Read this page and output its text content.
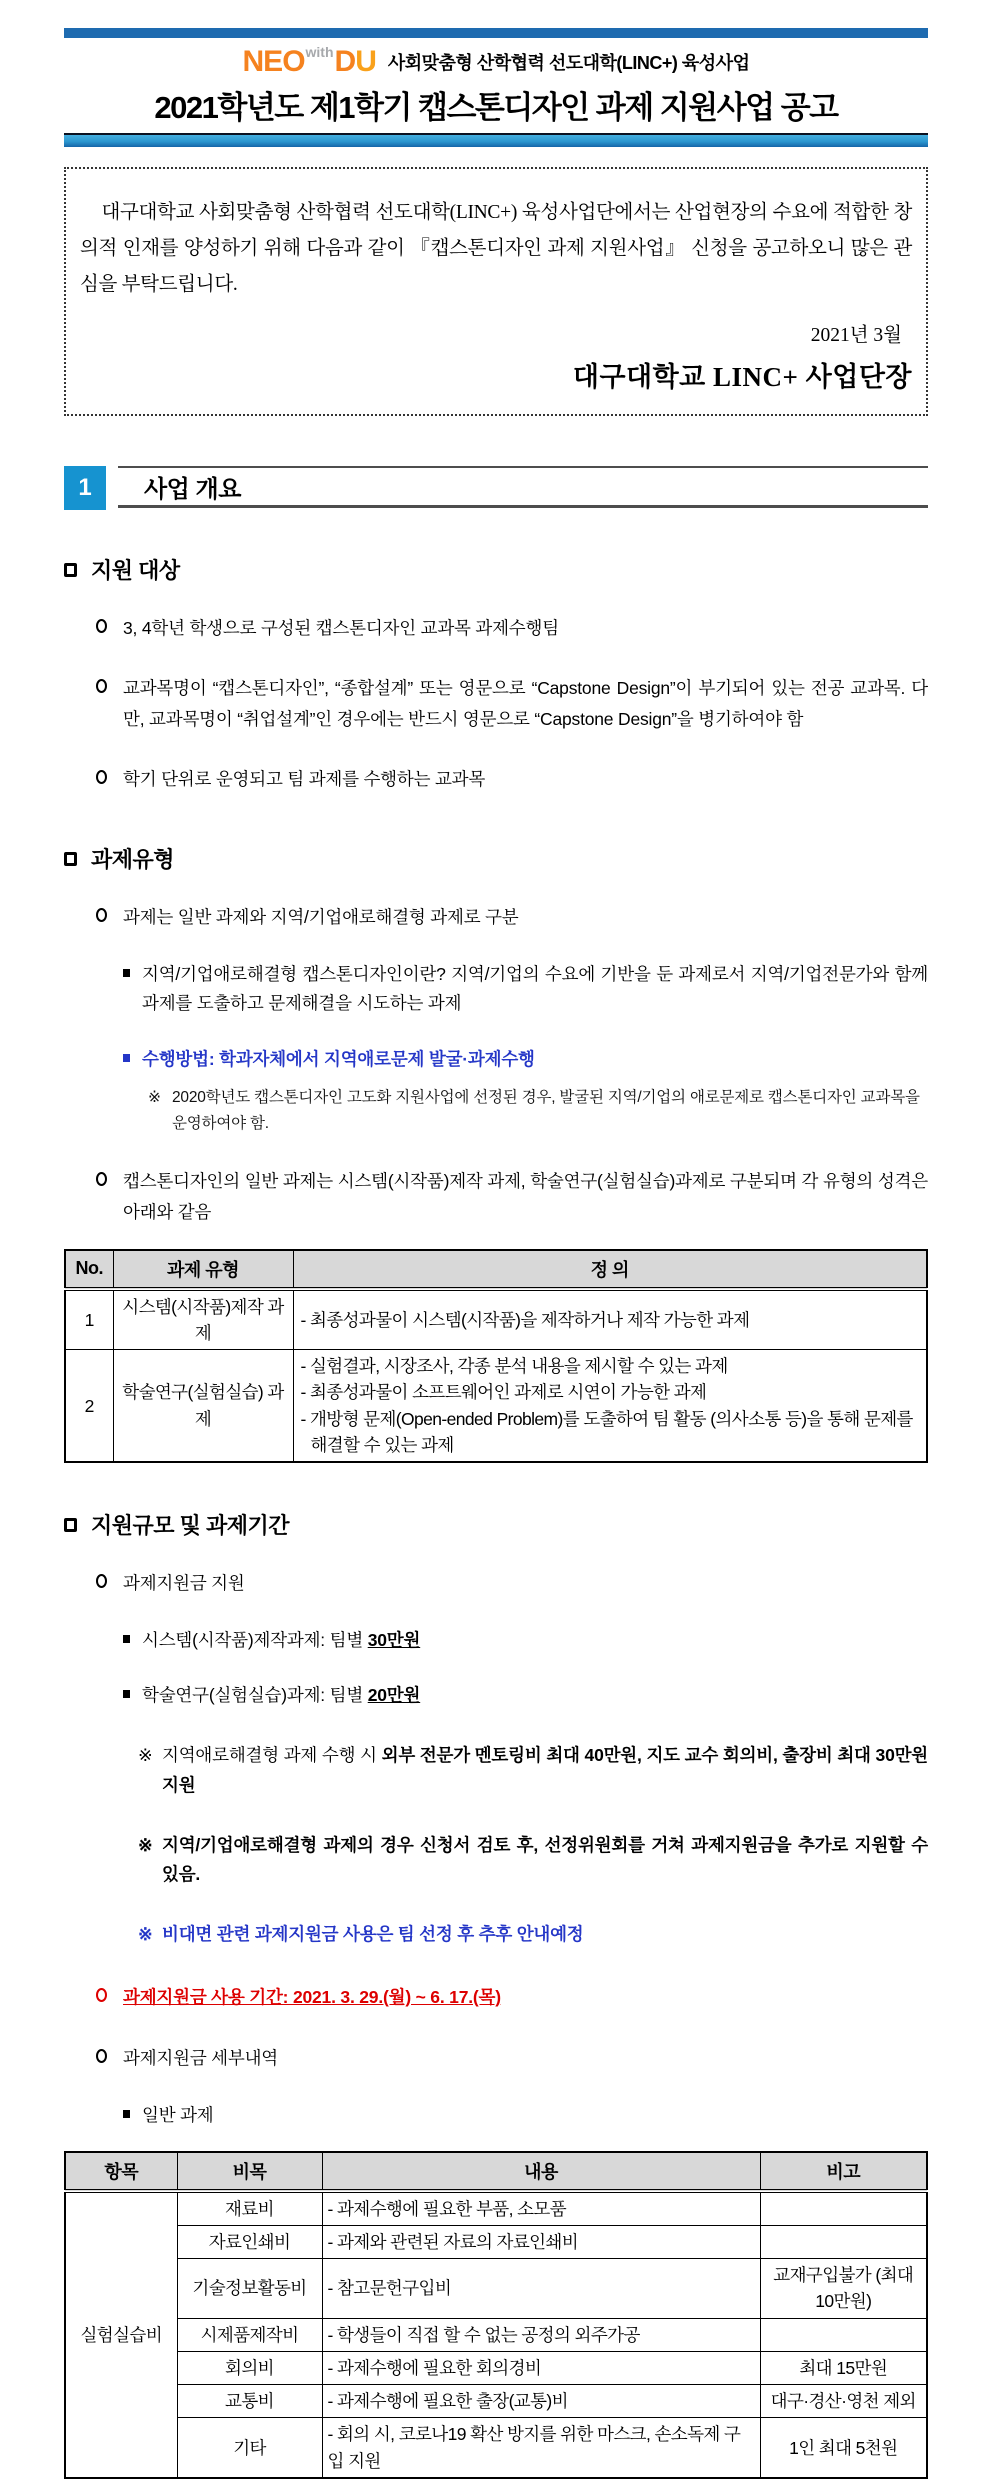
$NEO^{with}DU$ 사회맞춤형 산학협력 선도대학(LINC+) 육성사업
2021학년도 제1학기 캡스톤디자인 과제 지원사업 공고
대구대학교 사회맞춤형 산학협력 선도대학(LINC+) 육성사업단에서는 산업현장의 수요에 적합한 창의적 인재를 양성하기 위해 다음과 같이 『캡스톤디자인 과제 지원사업』 신청을 공고하오니 많은 관심을 부탁드립니다.
2021년 3월
대구대학교 LINC+ 사업단장
1	사업 개요
지원 대상
3, 4학년 학생으로 구성된 캡스톤디자인 교과목 과제수행팀
교과목명이 “캡스톤디자인”, “종합설계” 또는 영문으로 “Capstone Design”이 부기되어 있는 전공 교과목. 다만, 교과목명이 “취업설계”인 경우에는 반드시 영문으로 “Capstone Design”을 병기하여야 함
학기 단위로 운영되고 팀 과제를 수행하는 교과목
과제유형
과제는 일반 과제와 지역/기업애로해결형 과제로 구분
지역/기업애로해결형 캡스톤디자인이란? 지역/기업의 수요에 기반을 둔 과제로서 지역/기업전문가와 함께 과제를 도출하고 문제해결을 시도하는 과제
수행방법: 학과자체에서 지역애로문제 발굴·과제수행
※ 2020학년도 캡스톤디자인 고도화 지원사업에 선정된 경우, 발굴된 지역/기업의 애로문제로 캡스톤디자인 교과목을 운영하여야 함.
캡스톤디자인의 일반 과제는 시스템(시작품)제작 과제, 학술연구(실험실습)과제로 구분되며 각 유형의 성격은 아래와 같음
No.	과제 유형	정 의
1	시스템(시작품)제작 과제	- 최종성과물이 시스템(시작품)을 제작하거나 제작 가능한 과제

2	학술연구(실험실습) 과제	- 실험결과, 시장조사, 각종 분석 내용을 제시할 수 있는 과제
- 최종성과물이 소프트웨어인 과제로 시연이 가능한 과제
- 개방형 문제(Open-ended Problem)를 도출하여 팀 활동 (의사소통 등)을 통해 문제를 해결할 수 있는 과제
지원규모 및 과제기간
과제지원금 지원
시스템(시작품)제작과제: 팀별 30만원
학술연구(실험실습)과제: 팀별 20만원
※ 지역애로해결형 과제 수행 시 외부 전문가 멘토링비 최대 40만원, 지도 교수 회의비, 출장비 최대 30만원 지원
※ 지역/기업애로해결형 과제의 경우 신청서 검토 후, 선정위원회를 거쳐 과제지원금을 추가로 지원할 수 있음.
※ 비대면 관련 과제지원금 사용은 팀 선정 후 추후 안내예정
과제지원금 사용 기간: 2021. 3. 29.(월) ~ 6. 17.(목)
과제지원금 세부내역
일반 과제
항목	비목	내용	비고
실험실습비	재료비	- 과제수행에 필요한 부품, 소모품	
	자료인쇄비	- 과제와 관련된 자료의 자료인쇄비	
	기술정보활동비	- 참고문헌구입비	교재구입불가 (최대 10만원)
	시제품제작비	- 학생들이 직접 할 수 없는 공정의 외주가공	
	회의비	- 과제수행에 필요한 회의경비	최대 15만원
	교통비	- 과제수행에 필요한 출장(교통)비	대구·경산·영천 제외
	기타	- 회의 시, 코로나19 확산 방지를 위한 마스크, 손소독제 구입 지원	1인 최대 5천원
